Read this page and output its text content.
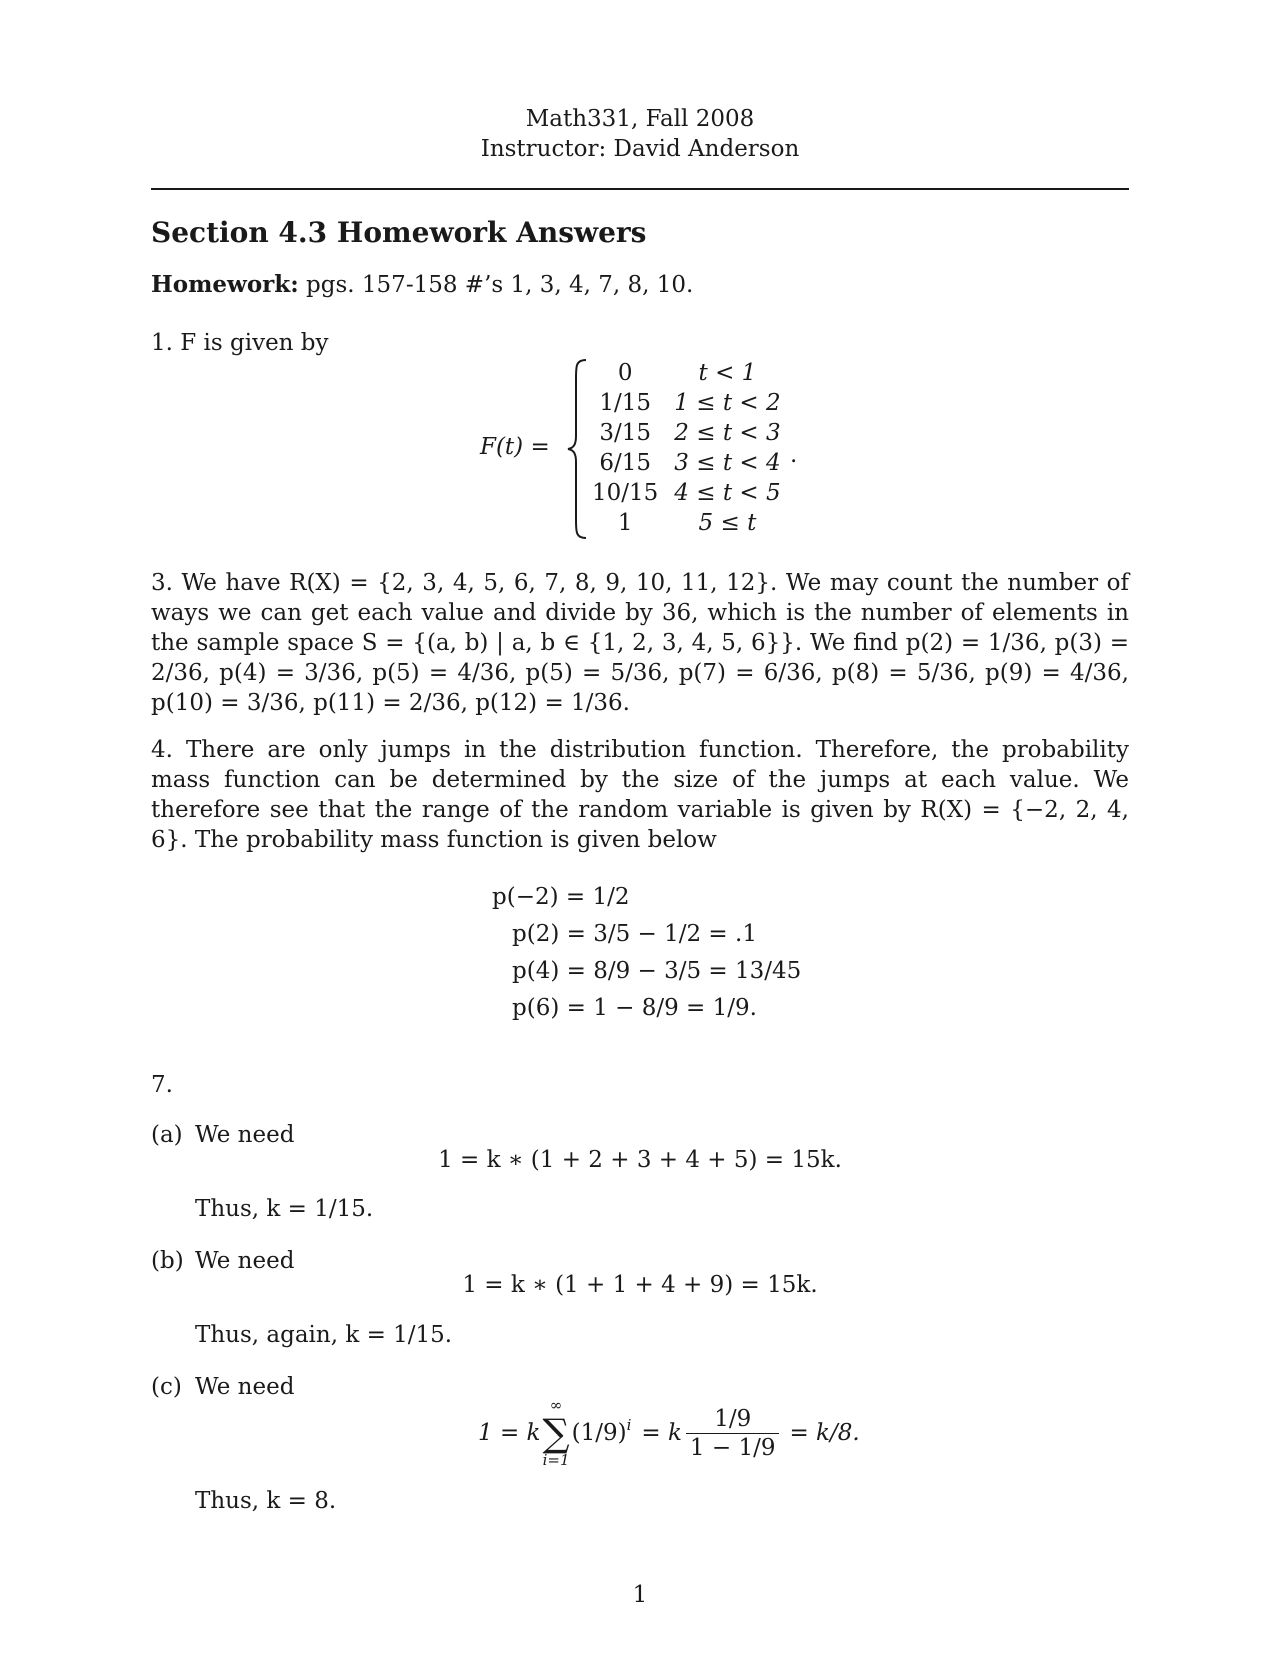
Math331, Fall 2008
Instructor: David Anderson
Section 4.3 Homework Answers
Homework: pgs. 157-158 #’s 1, 3, 4, 7, 8, 10.
1. F is given by
F(t) =
0	t < 1
1/15	1 ≤ t < 2
3/15	2 ≤ t < 3
6/15	3 ≤ t < 4
10/15	4 ≤ t < 5
1	5 ≤ t
.
3. We have R(X) = {2, 3, 4, 5, 6, 7, 8, 9, 10, 11, 12}. We may count the number of ways we can get each value and divide by 36, which is the number of elements in the sample space S = {(a, b) | a, b ∈ {1, 2, 3, 4, 5, 6}}. We find p(2) = 1/36, p(3) = 2/36, p(4) = 3/36, p(5) = 4/36, p(5) = 5/36, p(7) = 6/36, p(8) = 5/36, p(9) = 4/36, p(10) = 3/36, p(11) = 2/36, p(12) = 1/36.
4. There are only jumps in the distribution function. Therefore, the probability mass function can be determined by the size of the jumps at each value. We therefore see that the range of the random variable is given by R(X) = {−2, 2, 4, 6}. The probability mass function is given below
p(−2) = 1/2
p(2) = 3/5 − 1/2 = .1
p(4) = 8/9 − 3/5 = 13/45
p(6) = 1 − 8/9 = 1/9.
7.
(a) We need
1 = k ∗ (1 + 2 + 3 + 4 + 5) = 15k.
Thus, k = 1/15.
(b) We need
1 = k ∗ (1 + 1 + 4 + 9) = 15k.
Thus, again, k = 1/15.
(c) We need
1 = k
∞
∑
i=1
$(1/9)^i = k \frac{1/9}{1 - 1/9} = k/8$.
Thus, k = 8.
1
